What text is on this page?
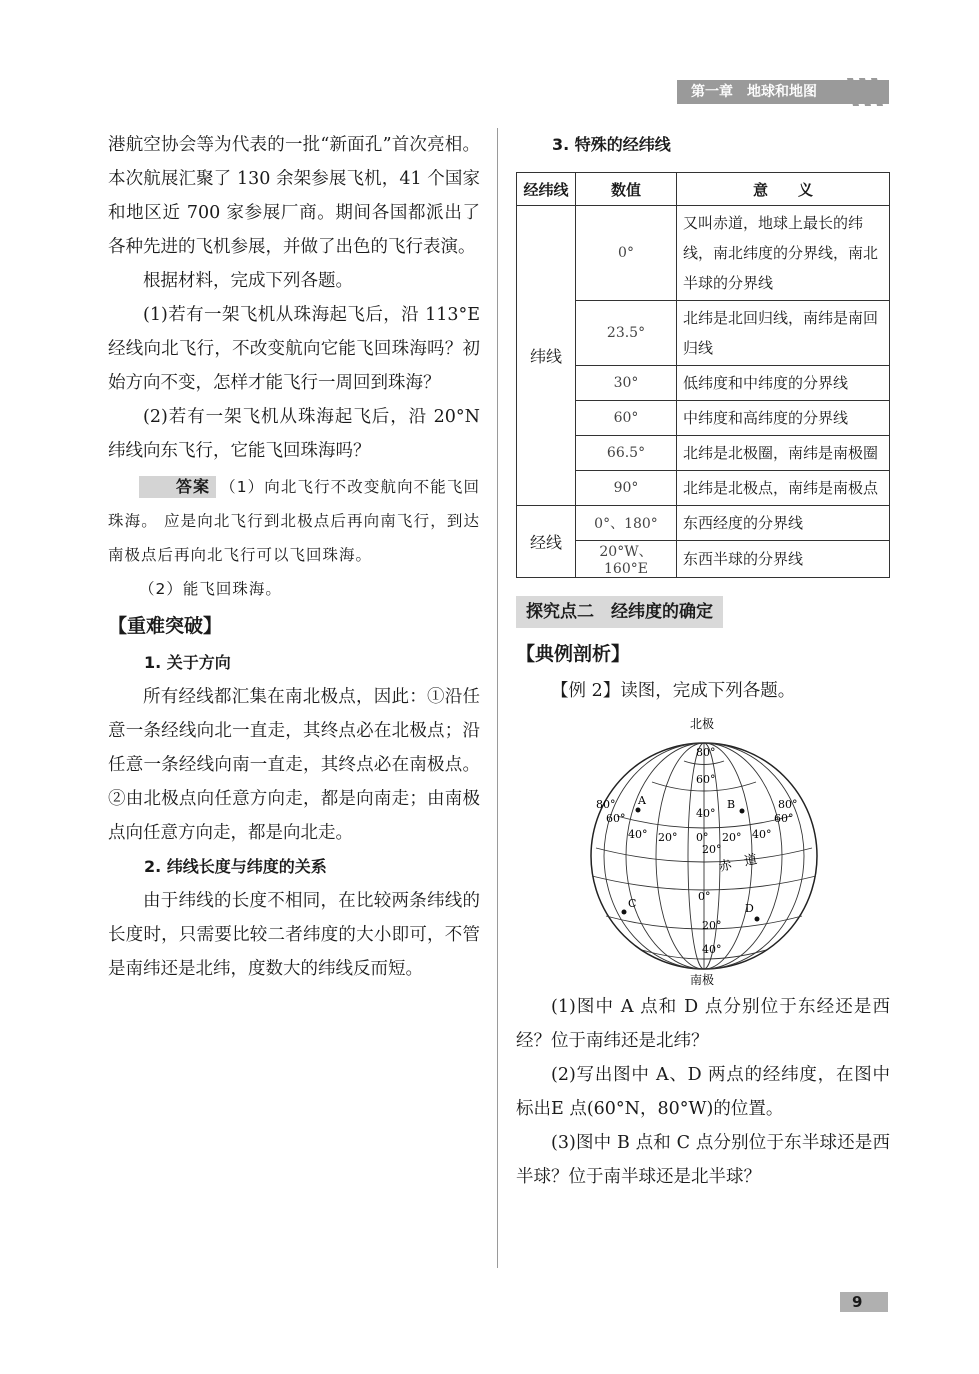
第一章　地球和地图

港航空协会等为代表的一批“新面孔”首次亮相。本次航展汇聚了 130 余架参展飞机，41 个国家和地区近 700 家参展厂商。期间各国都派出了各种先进的飞机参展，并做了出色的飞行表演。

根据材料，完成下列各题。

(1)若有一架飞机从珠海起飞后，沿 113°E经线向北飞行，不改变航向它能飞回珠海吗？初始方向不变，怎样才能飞行一周回到珠海？

(2)若有一架飞机从珠海起飞后，沿 20°N 纬线向东飞行，它能飞回珠海吗？

答案 （1）向北飞行不改变航向不能飞回珠海。 应是向北飞行到北极点后再向南飞行，到达南极点后再向北飞行可以飞回珠海。

（2）能飞回珠海。

【重难突破】
1. 关于方向

所有经线都汇集在南北极点，因此：①沿任意一条经线向北一直走，其终点必在北极点；沿任意一条经线向南一直走，其终点必在南极点。②由北极点向任意方向走，都是向南走；由南极点向任意方向走，都是向北走。

2. 纬线长度与纬度的关系

由于纬线的长度不相同，在比较两条纬线的长度时，只需要比较二者纬度的大小即可，不管是南纬还是北纬，度数大的纬线反而短。

3. 特殊的经纬线
经纬线	数值	意　　义
纬线	0°	又叫赤道，地球上最长的纬线，南北纬度的分界线，南北半球的分界线
	23.5°	北纬是北回归线，南纬是南回归线
	30°	低纬度和中纬度的分界线
	60°	中纬度和高纬度的分界线
	66.5°	北纬是北极圈，南纬是南极圈
	90°	北纬是北极点，南纬是南极点
经线	0°、180°	东西经度的分界线
	20°W、160°E	东西半球的分界线
探究点二　经纬度的确定
【典例剖析】

【例 2】读图，完成下列各题。

北极
赤　道
80°
60°
40°
20°
0°
20°
40°
80°
60°
40° 20° 0° 20° 40°
60°
80°
A	B
C	D
南极

(1)图中 A 点和 D 点分别位于东经还是西经？位于南纬还是北纬？

(2)写出图中 A、D 两点的经纬度，在图中标出E 点(60°N，80°W)的位置。

(3)图中 B 点和 C 点分别位于东半球还是西半球？位于南半球还是北半球？

9
